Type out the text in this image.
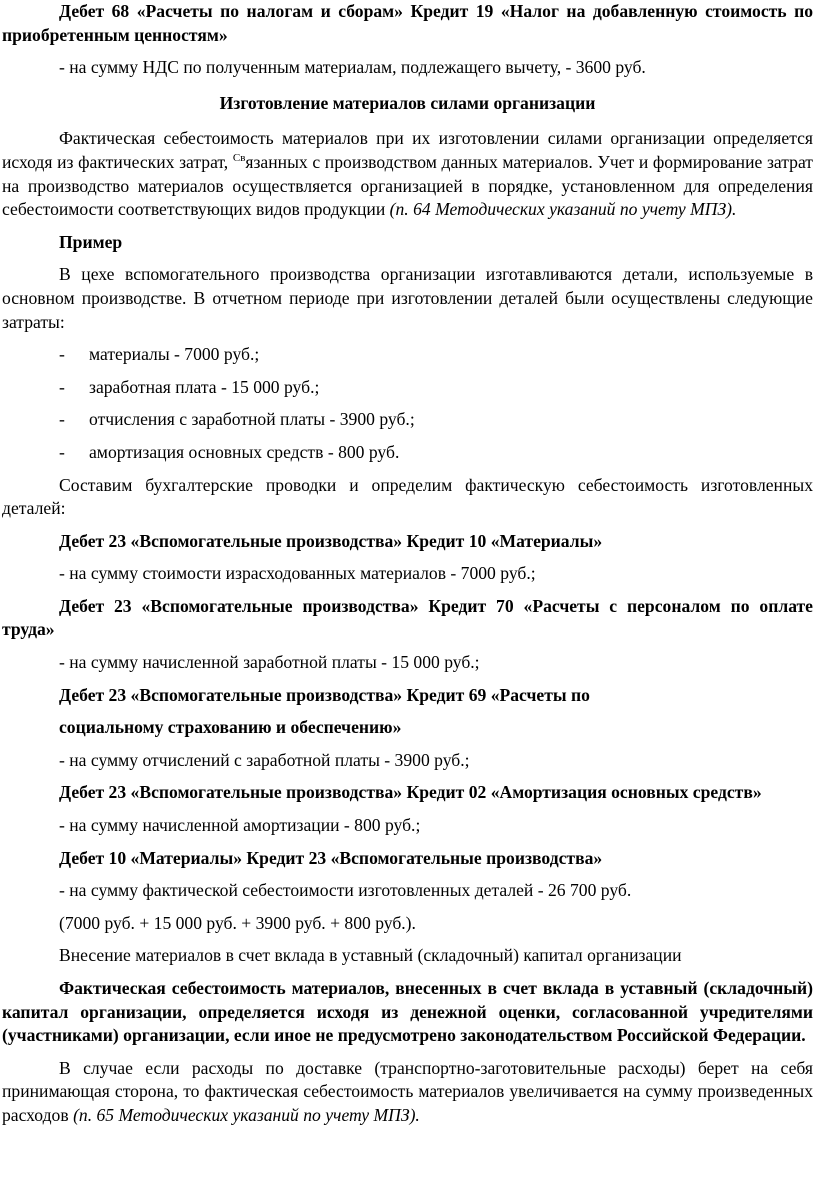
Дебет 68 «Расчеты по налогам и сборам» Кредит 19 «Налог на добавленную стоимость по приобретенным ценностям»

- на сумму НДС по полученным материалам, подлежащего вычету, - 3600 руб.

Изготовление материалов силами организации

Фактическая себестоимость материалов при их изготовлении силами организации определяется исходя из фактических затрат, $^{Св}$язанных с производством данных материалов. Учет и формирование затрат на производство материалов осуществляется организацией в порядке, установленном для определения себестоимости соответствующих видов продукции (п. 64 Методических указаний по учету МПЗ).

Пример

В цехе вспомогательного производства организации изготавливаются детали, используемые в основном производстве. В отчетном периоде при изготовлении деталей были осуществлены следующие затраты:

-	материалы - 7000 руб.;
-	заработная плата - 15 000 руб.;
-	отчисления с заработной платы - 3900 руб.;
-	амортизация основных средств - 800 руб.

Составим бухгалтерские проводки и определим фактическую себестоимость изготовленных деталей:

Дебет 23 «Вспомогательные производства» Кредит 10 «Материалы»

- на сумму стоимости израсходованных материалов - 7000 руб.;

Дебет 23 «Вспомогательные производства» Кредит 70 «Расчеты с персоналом по оплате труда»

- на сумму начисленной заработной платы - 15 000 руб.;

Дебет 23 «Вспомогательные производства» Кредит 69 «Расчеты по

социальному страхованию и обеспечению»

- на сумму отчислений с заработной платы - 3900 руб.;

Дебет 23 «Вспомогательные производства» Кредит 02 «Амортизация основных средств»

- на сумму начисленной амортизации - 800 руб.;

Дебет 10 «Материалы» Кредит 23 «Вспомогательные производства»

- на сумму фактической себестоимости изготовленных деталей - 26 700 руб.

(7000 руб. + 15 000 руб. + 3900 руб. + 800 руб.).

Внесение материалов в счет вклада в уставный (складочный) капитал организации

Фактическая себестоимость материалов, внесенных в счет вклада в уставный (складочный) капитал организации, определяется исходя из денежной оценки, согласованной учредителями (участниками) организации, если иное не предусмотрено законодательством Российской Федерации.

В случае если расходы по доставке (транспортно-заготовительные расходы) берет на себя принимающая сторона, то фактическая себестоимость материалов увеличивается на сумму произведенных расходов (п. 65 Методических указаний по учету МПЗ).
